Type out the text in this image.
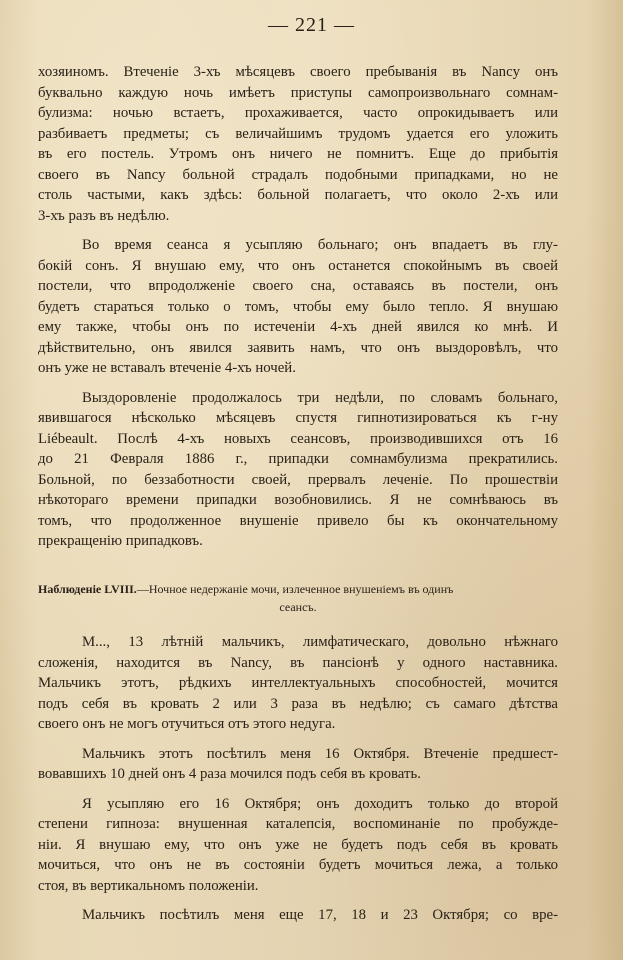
— 221 —
хозяиномъ. Втеченіе 3-хъ мѣсяцевъ своего пребыванія въ Nancy онъ
буквально каждую ночь имѣетъ приступы самопроизвольнаго сомнам-
булизма: ночью встаетъ, прохаживается, часто опрокидываетъ или
разбиваетъ предметы; съ величайшимъ трудомъ удается его уложить
въ его постель. Утромъ онъ ничего не помнитъ. Еще до прибытія
своего въ Nancy больной страдалъ подобными припадками, но не
столь частыми, какъ здѣсь: больной полагаетъ, что около 2-хъ или
3-хъ разъ въ недѣлю.
Во время сеанса я усыпляю больнаго; онъ впадаетъ въ глу-
бокій сонъ. Я внушаю ему, что онъ останется спокойнымъ въ своей
постели, что впродолженіе своего сна, оставаясь въ постели, онъ
будетъ стараться только о томъ, чтобы ему было тепло. Я внушаю
ему также, чтобы онъ по истеченіи 4-хъ дней явился ко мнѣ. И
дѣйствительно, онъ явился заявить намъ, что онъ выздоровѣлъ, что
онъ уже не вставалъ втеченіе 4-хъ ночей.
Выздоровленіе продолжалось три недѣли, по словамъ больнаго,
явившагося нѣсколько мѣсяцевъ спустя гипнотизироваться къ г-ну
Liébeault. Послѣ 4-хъ новыхъ сеансовъ, производившихся отъ 16
до 21 Февраля 1886 г., припадки сомнамбулизма прекратились.
Больной, по беззаботности своей, прервалъ леченіе. По прошествіи
нѣкотораго времени припадки возобновились. Я не сомнѣваюсь въ
томъ, что продолженное внушеніе привело бы къ окончательному
прекращенію припадковъ.
Наблюденіе LVIII.—Ночное недержаніе мочи, излеченное внушеніемъ въ одинъ
сеансъ.
М..., 13 лѣтній мальчикъ, лимфатическаго, довольно нѣжнаго
сложенія, находится въ Nancy, въ пансіонѣ у одного наставника.
Мальчикъ этотъ, рѣдкихъ интеллектуальныхъ способностей, мочится
подъ себя въ кровать 2 или 3 раза въ недѣлю; съ самаго дѣтства
своего онъ не могъ отучиться отъ этого недуга.
Мальчикъ этотъ посѣтилъ меня 16 Октября. Втеченіе предшест-
вовавшихъ 10 дней онъ 4 раза мочился подъ себя въ кровать.
Я усыпляю его 16 Октября; онъ доходитъ только до второй
степени гипноза: внушенная каталепсія, воспоминаніе по пробужде-
ніи. Я внушаю ему, что онъ уже не будетъ подъ себя въ кровать
мочиться, что онъ не въ состояніи будетъ мочиться лежа, а только
стоя, въ вертикальномъ положеніи.
Мальчикъ посѣтилъ меня еще 17, 18 и 23 Октября; со вре-
